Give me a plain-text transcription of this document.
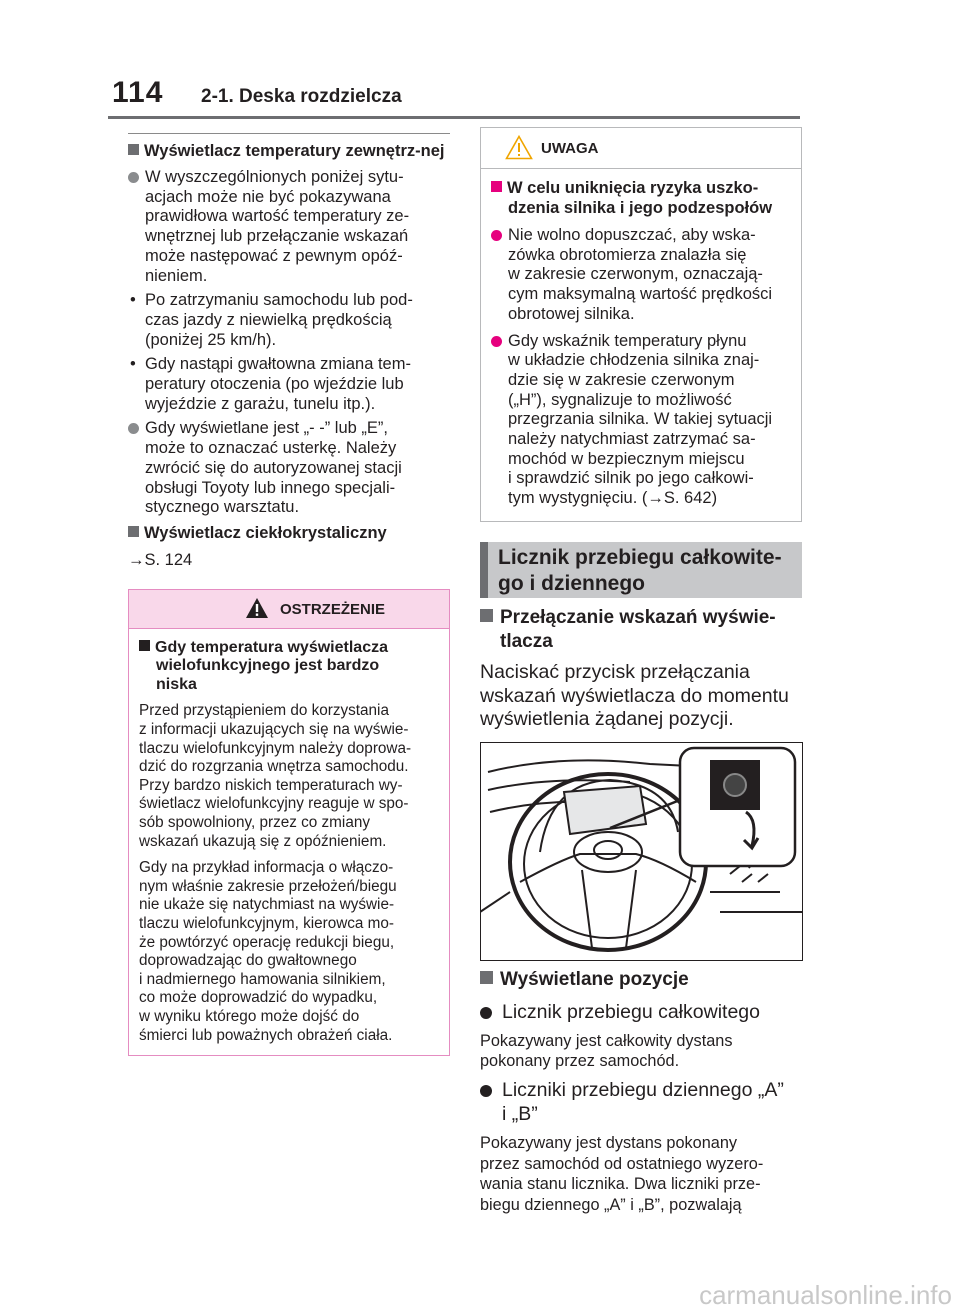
114 2-1. Deska rozdzielcza

Wyświetlacz temperatury zewnętrz-nej

W wyszczególnionych poniżej sytu-
acjach może nie być pokazywana
prawidłowa wartość temperatury ze-
wnętrznej lub przełączanie wskazań
może następować z pewnym opóź-
nieniem.
• Po zatrzymaniu samochodu lub pod-
czas jazdy z niewielką prędkością
(poniżej 25 km/h).
• Gdy nastąpi gwałtowna zmiana tem-
peratury otoczenia (po wjeździe lub
wyjeździe z garażu, tunelu itp.).
Gdy wyświetlane jest „- -” lub „E”,
może to oznaczać usterkę. Należy
zwrócić się do autoryzowanej stacji
obsługi Toyoty lub innego specjali-
stycznego warsztatu.

Wyświetlacz ciekłokrystaliczny

→S. 124

OSTRZEŻENIE
Gdy temperatura wyświetlacza
wielofunkcyjnego jest bardzo
niska
Przed przystąpieniem do korzystania
z informacji ukazujących się na wyświe-
tlaczu wielofunkcyjnym należy doprowa-
dzić do rozgrzania wnętrza samochodu.
Przy bardzo niskich temperaturach wy-
świetlacz wielofunkcyjny reaguje w spo-
sób spowolniony, przez co zmiany
wskazań ukazują się z opóźnieniem.
Gdy na przykład informacja o włączo-
nym właśnie zakresie przełożeń/biegu
nie ukaże się natychmiast na wyświe-
tlaczu wielofunkcyjnym, kierowca mo-
że powtórzyć operację redukcji biegu,
doprowadzając do gwałtownego
i nadmiernego hamowania silnikiem,
co może doprowadzić do wypadku,
w wyniku którego może dojść do
śmierci lub poważnych obrażeń ciała.
UWAGA
W celu uniknięcia ryzyka uszko-
dzenia silnika i jego podzespołów
Nie wolno dopuszczać, aby wska-
zówka obrotomierza znalazła się
w zakresie czerwonym, oznaczają-
cym maksymalną wartość prędkości
obrotowej silnika.
Gdy wskaźnik temperatury płynu
w układzie chłodzenia silnika znaj-
dzie się w zakresie czerwonym
(„H”), sygnalizuje to możliwość
przegrzania silnika. W takiej sytuacji
należy natychmiast zatrzymać sa-
mochód w bezpiecznym miejscu
i sprawdzić silnik po jego całkowi-
tym wystygnięciu. (→S. 642)
Licznik przebiegu całkowite-
go i dziennego
Przełączanie wskazań wyświe-
tlacza
Naciskać przycisk przełączania
wskazań wyświetlacza do momentu
wyświetlenia żądanej pozycji.

Wyświetlane pozycje

Licznik przebiegu całkowitego
Pokazywany jest całkowity dystans
pokonany przez samochód.
Liczniki przebiegu dziennego „A”
i „B”
Pokazywany jest dystans pokonany
przez samochód od ostatniego wyzero-
wania stanu licznika. Dwa liczniki prze-
biegu dziennego „A” i „B”, pozwalają
carmanualsonline.info
